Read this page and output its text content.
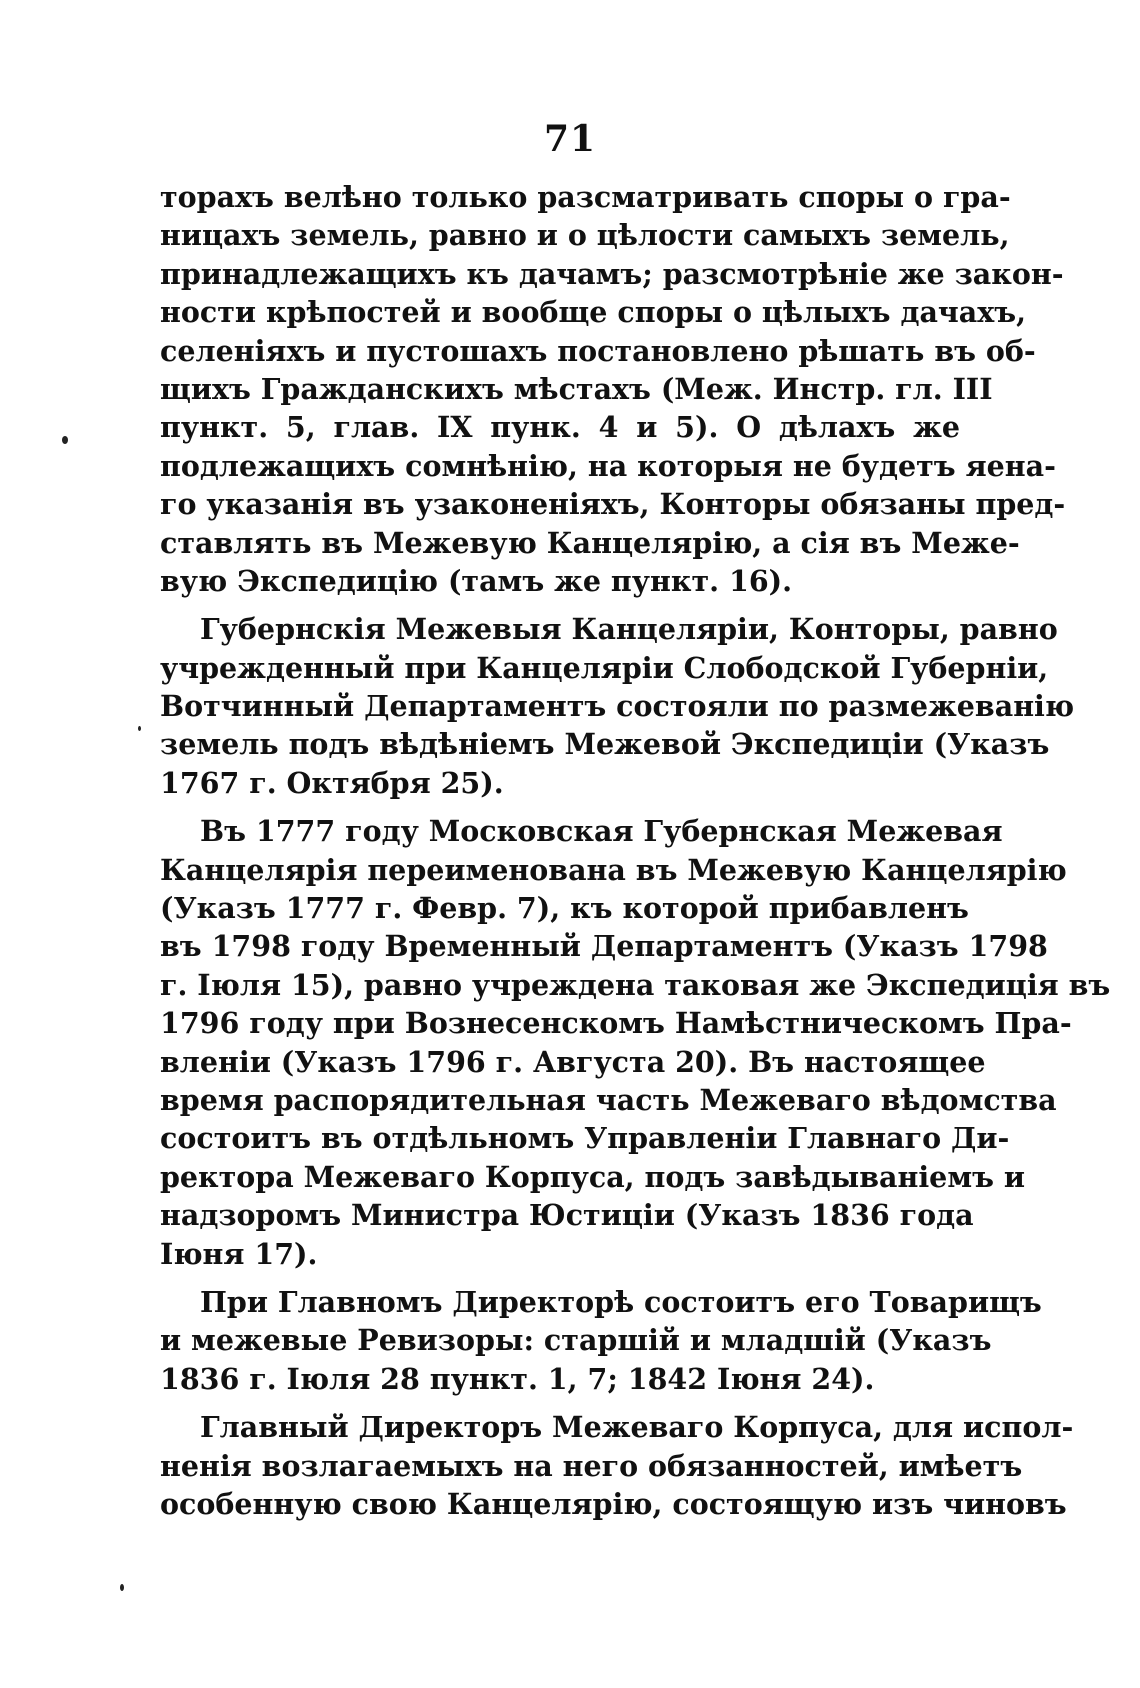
71
торахъ велѣно только разсматривать споры о гра-
ницахъ земель, равно и о цѣлости самыхъ земель,
принадлежащихъ къ дачамъ; разсмотрѣніе же закон-
ности крѣпостей и вообще споры о цѣлыхъ дачахъ,
селеніяхъ и пустошахъ постановлено рѣшать въ об-
щихъ Гражданскихъ мѣстахъ (Меж. Инстр. гл. III
пункт. 5, глав. IX пунк. 4 и 5). О дѣлахъ же
подлежащихъ сомнѣнію, на которыя не будетъ яена-
го указанія въ узаконеніяхъ, Конторы обязаны пред-
ставлять въ Межевую Канцелярію, а сія въ Меже-
вую Экспедицію (тамъ же пункт. 16).
Губернскія Межевыя Канцеляріи, Конторы, равно
учрежденный при Канцеляріи Слободской Губерніи,
Вотчинный Департаментъ состояли по размежеванію
земель подъ вѣдѣніемъ Межевой Экспедиціи (Указъ
1767 г. Октября 25).
Въ 1777 году Московская Губернская Межевая
Канцелярія переименована въ Межевую Канцелярію
(Указъ 1777 г. Февр. 7), къ которой прибавленъ
въ 1798 году Временный Департаментъ (Указъ 1798
г. Іюля 15), равно учреждена таковая же Экспедиція въ
1796 году при Вознесенскомъ Намѣстническомъ Пра-
вленіи (Указъ 1796 г. Августа 20). Въ настоящее
время распорядительная часть Межеваго вѣдомства
состоитъ въ отдѣльномъ Управленіи Главнаго Ди-
ректора Межеваго Корпуса, подъ завѣдываніемъ и
надзоромъ Министра Юстиціи (Указъ 1836 года
Іюня 17).
При Главномъ Директорѣ состоитъ его Товарищъ
и межевые Ревизоры: старшій и младшій (Указъ
1836 г. Іюля 28 пункт. 1, 7; 1842 Іюня 24).
Главный Директоръ Межеваго Корпуса, для испол-
ненія возлагаемыхъ на него обязанностей, имѣетъ
особенную свою Канцелярію, состоящую изъ чиновъ
